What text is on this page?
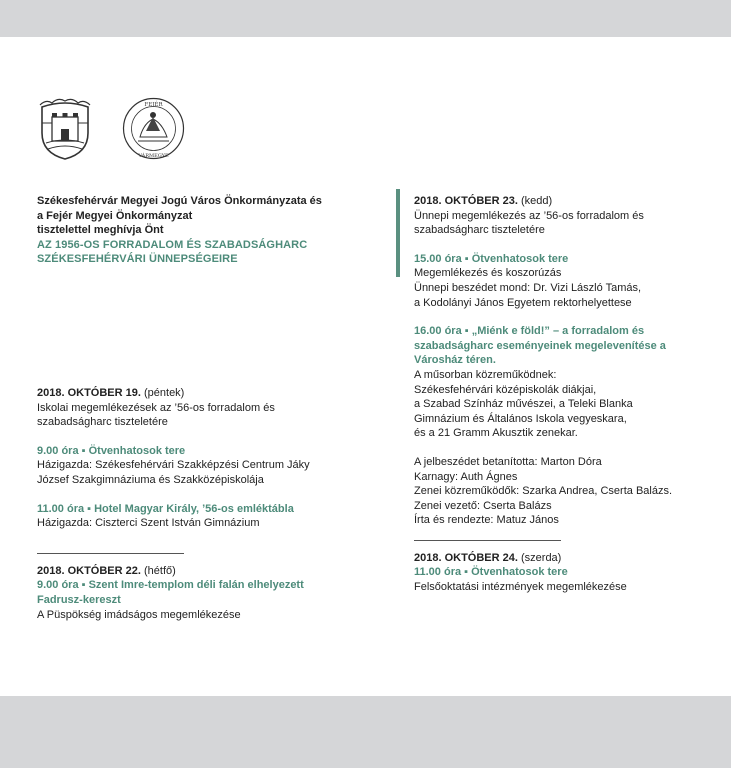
FEJÉR
VÁRMEGYE

Székesfehérvár Megyei Jogú Város Önkormányzata és

a Fejér Megyei Önkormányzat

tisztelettel meghívja Önt

AZ 1956-OS FORRADALOM ÉS SZABADSÁGHARC

SZÉKESFEHÉRVÁRI ÜNNEPSÉGEIRE

2018. OKTÓBER 19. (péntek)

Iskolai megemlékezések az ’56-os forradalom és

szabadságharc tiszteletére

9.00 óra ▪ Ötvenhatosok tere

Házigazda: Székesfehérvári Szakképzési Centrum Jáky

József Szakgimnáziuma és Szakközépiskolája

11.00 óra ▪ Hotel Magyar Király, ’56-os emléktábla

Házigazda: Ciszterci Szent István Gimnázium

2018. OKTÓBER 22. (hétfő)

9.00 óra ▪ Szent Imre-templom déli falán elhelyezett

Fadrusz-kereszt

A Püspökség imádságos megemlékezése

2018. OKTÓBER 23. (kedd)

Ünnepi megemlékezés az ’56-os forradalom és

szabadságharc tiszteletére

15.00 óra ▪ Ötvenhatosok tere

Megemlékezés és koszorúzás

Ünnepi beszédet mond: Dr. Vizi László Tamás,

a Kodolányi János Egyetem rektorhelyettese

16.00 óra ▪ „Miénk e föld!” – a forradalom és

szabadságharc eseményeinek megelevenítése a

Városház téren.

A műsorban közreműködnek:

Székesfehérvári középiskolák diákjai,

a Szabad Színház művészei, a Teleki Blanka

Gimnázium és Általános Iskola vegyeskara,

és a 21 Gramm Akusztik zenekar.

A jelbeszédet betanította: Marton Dóra

Karnagy: Auth Ágnes

Zenei közreműködők: Szarka Andrea, Cserta Balázs.

Zenei vezető: Cserta Balázs

Írta és rendezte: Matuz János

2018. OKTÓBER 24. (szerda)

11.00 óra ▪ Ötvenhatosok tere

Felsőoktatási intézmények megemlékezése
